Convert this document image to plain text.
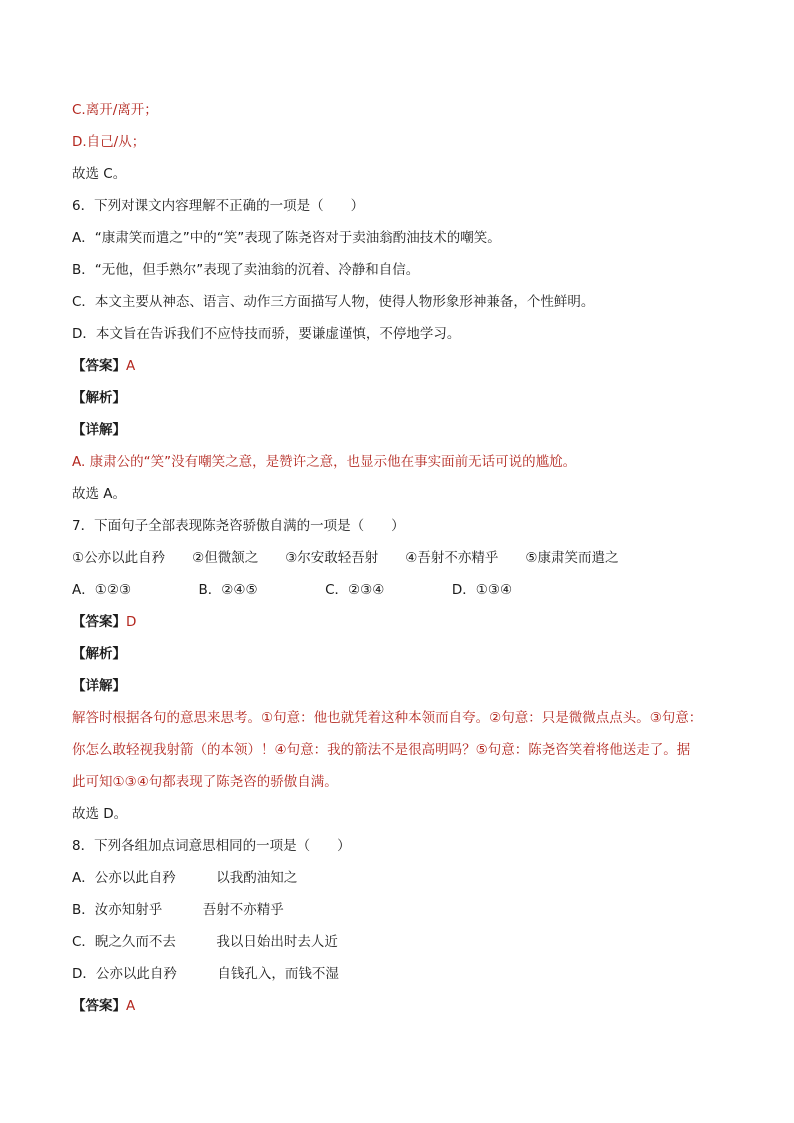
C.离开/离开；
D.自己/从；
故选 C。
6．下列对课文内容理解不正确的一项是（　　）
A．“康肃笑而遣之”中的“笑”表现了陈尧咨对于卖油翁酌油技术的嘲笑。
B．“无他，但手熟尔”表现了卖油翁的沉着、冷静和自信。
C．本文主要从神态、语言、动作三方面描写人物，使得人物形象形神兼备，个性鲜明。
D．本文旨在告诉我们不应恃技而骄，要谦虚谨慎，不停地学习。
【答案】A
【解析】
【详解】
A. 康肃公的“笑”没有嘲笑之意，是赞许之意，也显示他在事实面前无话可说的尴尬。
故选 A。
7．下面句子全部表现陈尧咨骄傲自满的一项是（　　）
①公亦以此自矜　　②但微颔之　　③尔安敢轻吾射　　④吾射不亦精乎　　⑤康肃笑而遣之
A．①②③　　　　　B．②④⑤　　　　　C．②③④　　　　　D．①③④
【答案】D
【解析】
【详解】
解答时根据各句的意思来思考。①句意：他也就凭着这种本领而自夸。②句意：只是微微点点头。③句意：
你怎么敢轻视我射箭（的本领）！④句意：我的箭法不是很高明吗？⑤句意：陈尧咨笑着将他送走了。据
此可知①③④句都表现了陈尧咨的骄傲自满。
故选 D。
8．下列各组加点词意思相同的一项是（　　）
A．公亦以此自矜　　　以我酌油知之
B．汝亦知射乎　　　吾射不亦精乎
C．睨之久而不去　　　我以日始出时去人近
D．公亦以此自矜　　　自钱孔入，而钱不湿
【答案】A
